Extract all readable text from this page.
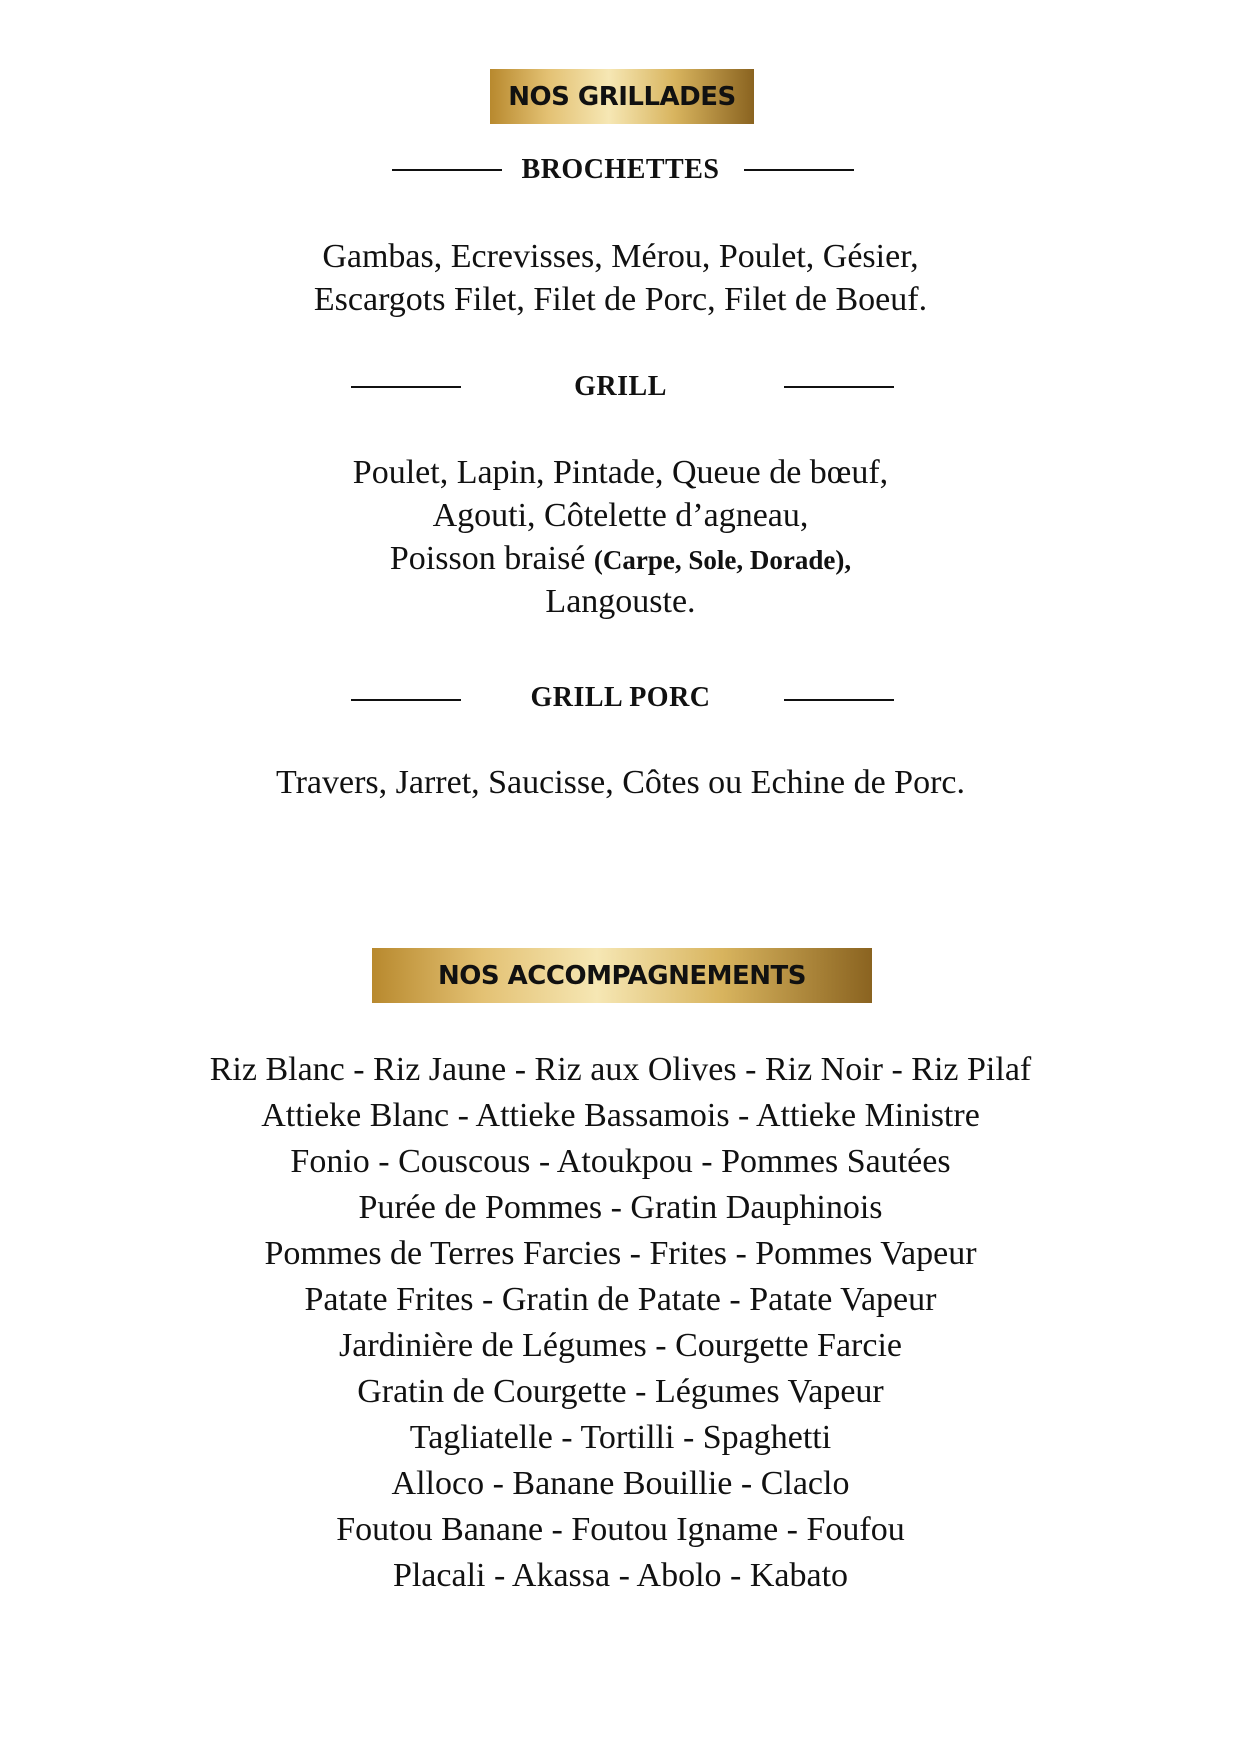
NOS GRILLADES
BROCHETTES
Gambas, Ecrevisses, Mérou, Poulet, Gésier,
Escargots Filet, Filet de Porc, Filet de Boeuf.
GRILL
Poulet, Lapin, Pintade, Queue de bœuf,
Agouti, Côtelette d’agneau,
Poisson braisé (Carpe, Sole, Dorade),
Langouste.
GRILL PORC
Travers, Jarret, Saucisse, Côtes ou Echine de Porc.
NOS ACCOMPAGNEMENTS
Riz Blanc - Riz Jaune - Riz aux Olives - Riz Noir - Riz Pilaf
Attieke Blanc - Attieke Bassamois - Attieke Ministre
Fonio - Couscous - Atoukpou - Pommes Sautées
Purée de Pommes - Gratin Dauphinois
Pommes de Terres Farcies - Frites - Pommes Vapeur
Patate Frites - Gratin de Patate - Patate Vapeur
Jardinière de Légumes - Courgette Farcie
Gratin de Courgette - Légumes Vapeur
Tagliatelle - Tortilli - Spaghetti
Alloco - Banane Bouillie - Claclo
Foutou Banane - Foutou Igname - Foufou
Placali - Akassa - Abolo - Kabato
